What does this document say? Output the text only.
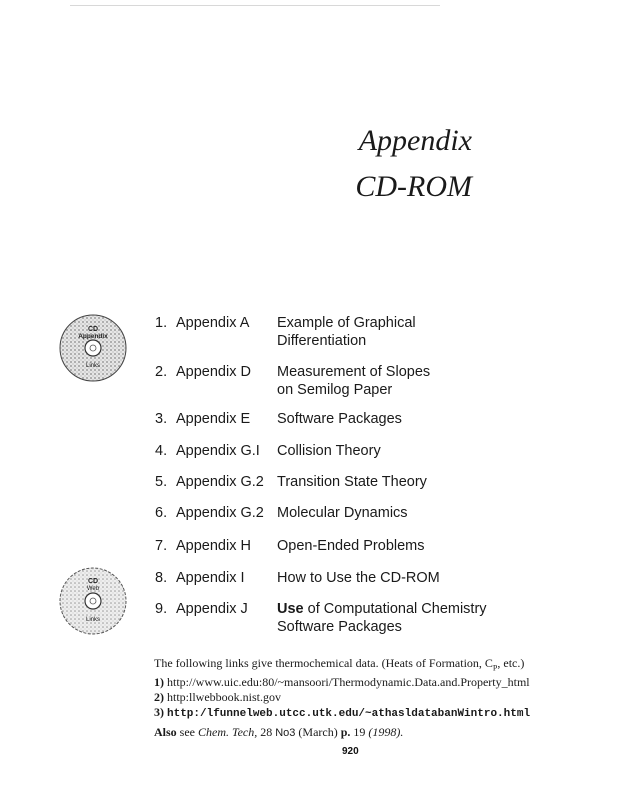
Appendix
CD-ROM
CD
Appendix
Links
CD
Web
Links
1. Appendix A Example of Graphical
Differentiation
2. Appendix D Measurement of Slopes
on Semilog Paper
3. Appendix E Software Packages
4. Appendix G.I Collision Theory
5. Appendix G.2 Transition State Theory
6. Appendix G.2 Molecular Dynamics
7. Appendix H Open-Ended Problems
8. Appendix I How to Use the CD-ROM
9. Appendix J Use of Computational Chemistry
Software Packages
The following links give thermochemical data. (Heats of Formation, $C_P$, etc.)
1) http://www.uic.edu:80/~mansoori/Thermodynamic.Data.and.Property_html
2) http:llwebbook.nist.gov
3) http:/lfunnelweb.utcc.utk.edu/~athasldatabanWintro.html
Also see Chem. Tech, 28 No3 (March) p. 19 (1998).
920
